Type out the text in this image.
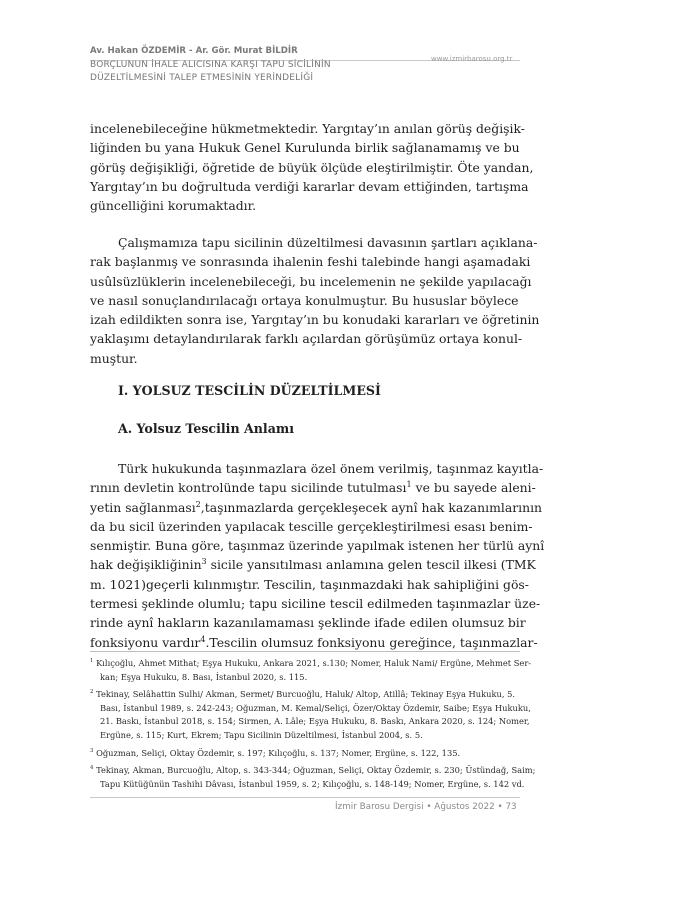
Av. Hakan ÖZDEMİR - Ar. Gör. Murat BİLDİR
www.izmirbarosu.org.tr
BORÇLUNUN İHALE ALICISINA KARŞI TAPU SİCİLİNİN
DÜZELTİLMESİNİ TALEP ETMESİNİN YERİNDELİĞİ
incelenebileceğine hükmetmektedir. Yargıtay’ın anılan görüş değişik-
liğinden bu yana Hukuk Genel Kurulunda birlik sağlanamamış ve bu
görüş değişikliği, öğretide de büyük ölçüde eleştirilmiştir. Öte yandan,
Yargıtay’ın bu doğrultuda verdiği kararlar devam ettiğinden, tartışma
güncelliğini korumaktadır.
Çalışmamıza tapu sicilinin düzeltilmesi davasının şartları açıklana-
rak başlanmış ve sonrasında ihalenin feshi talebinde hangi aşamadaki
usûlsüzlüklerin incelenebileceği, bu incelemenin ne şekilde yapılacağı
ve nasıl sonuçlandırılacağı ortaya konulmuştur. Bu hususlar böylece
izah edildikten sonra ise, Yargıtay’ın bu konudaki kararları ve öğretinin
yaklaşımı detaylandırılarak farklı açılardan görüşümüz ortaya konul-
muştur.
I. YOLSUZ TESCİLİN DÜZELTİLMESİ
A. Yolsuz Tescilin Anlamı
Türk hukukunda taşınmazlara özel önem verilmiş, taşınmaz kayıtla-
rının devletin kontrolünde tapu sicilinde tutulması$^1$ ve bu sayede aleni-
yetin sağlanması$^2$,taşınmazlarda gerçekleşecek aynî hak kazanımlarının
da bu sicil üzerinden yapılacak tescille gerçekleştirilmesi esası benim-
senmiştir. Buna göre, taşınmaz üzerinde yapılmak istenen her türlü aynî
hak değişikliğinin$^3$ sicile yansıtılması anlamına gelen tescil ilkesi (TMK
m. 1021)geçerli kılınmıştır. Tescilin, taşınmazdaki hak sahipliğini gös-
termesi şeklinde olumlu; tapu siciline tescil edilmeden taşınmazlar üze-
rinde aynî hakların kazanılamaması şeklinde ifade edilen olumsuz bir
fonksiyonu vardır$^4$.Tescilin olumsuz fonksiyonu gereğince, taşınmazlar-
$^1$ Kılıçoğlu, Ahmet Mithat; Eşya Hukuku, Ankara 2021, s.130; Nomer, Haluk Nami/ Ergüne, Mehmet Ser-
kan; Eşya Hukuku, 8. Bası, İstanbul 2020, s. 115.
$^2$ Tekinay, Selâhattin Sulhi/ Akman, Sermet/ Burcuoğlu, Haluk/ Altop, Atillâ; Tekinay Eşya Hukuku, 5.
Bası, İstanbul 1989, s. 242-243; Oğuzman, M. Kemal/Seliçi, Özer/Oktay Özdemir, Saibe; Eşya Hukuku,
21. Baskı, İstanbul 2018, s. 154; Sirmen, A. Lâle; Eşya Hukuku, 8. Baskı, Ankara 2020, s. 124; Nomer,
Ergüne, s. 115; Kurt, Ekrem; Tapu Sicilinin Düzeltilmesi, İstanbul 2004, s. 5.
$^3$ Oğuzman, Seliçi, Oktay Özdemir, s. 197; Kılıçoğlu, s. 137; Nomer, Ergüne, s. 122, 135.
$^4$ Tekinay, Akman, Burcuoğlu, Altop, s. 343-344; Oğuzman, Seliçi, Oktay Özdemir, s. 230; Üstündağ, Saim;
Tapu Kütüğünün Tashihi Dâvası, İstanbul 1959, s. 2; Kılıçoğlu, s. 148-149; Nomer, Ergüne, s. 142 vd.
İzmir Barosu Dergisi • Ağustos 2022 • 73
